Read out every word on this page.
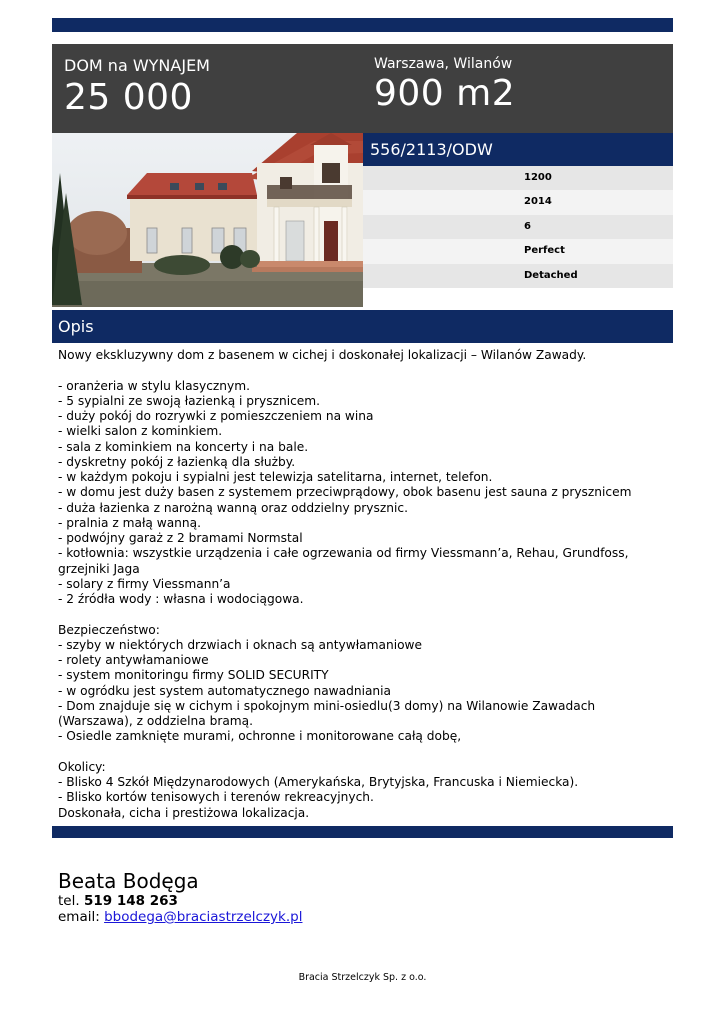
DOM na WYNAJEM
25 000
Warszawa, Wilanów
900 m2
556/2113/ODW
1200
2014
6
Perfect
Detached
Opis

Nowy ekskluzywny dom z basenem w cichej i doskonałej lokalizacji – Wilanów Zawady.

- oranżeria w stylu klasycznym.

- 5 sypialni ze swoją łazienką i prysznicem.

- duży pokój do rozrywki z pomieszczeniem na wina

- wielki salon z kominkiem.

- sala z kominkiem na koncerty i na bale.

- dyskretny pokój z łazienką dla służby.

- w każdym pokoju i sypialni jest telewizja satelitarna, internet, telefon.

- w domu jest duży basen z systemem przeciwprądowy, obok basenu jest sauna z prysznicem

- duża łazienka z narożną wanną oraz oddzielny prysznic.

- pralnia z małą wanną.

- podwójny garaż z 2 bramami Normstal

- kotłownia: wszystkie urządzenia i całe ogrzewania od firmy Viessmann’a, Rehau, Grundfoss,

grzejniki Jaga

- solary z firmy Viessmann’a

- 2 źródła wody : własna i wodociągowa.

Bezpieczeństwo:

- szyby w niektórych drzwiach i oknach są antywłamaniowe

- rolety antywłamaniowe

- system monitoringu firmy SOLID SECURITY

- w ogródku jest system automatycznego nawadniania

- Dom znajduje się w cichym i spokojnym mini-osiedlu(3 domy) na Wilanowie Zawadach

(Warszawa), z oddzielna bramą.

- Osiedle zamknięte murami, ochronne i monitorowane całą dobę,

Okolicy:

- Blisko 4 Szkół Międzynarodowych (Amerykańska, Brytyjska, Francuska i Niemiecka).

- Blisko kortów tenisowych i terenów rekreacyjnych.

Doskonała, cicha i prestiżowa lokalizacja.

Beata Bodęga
tel. 519 148 263
email: bbodega@braciastrzelczyk.pl
Bracia Strzelczyk Sp. z o.o.
